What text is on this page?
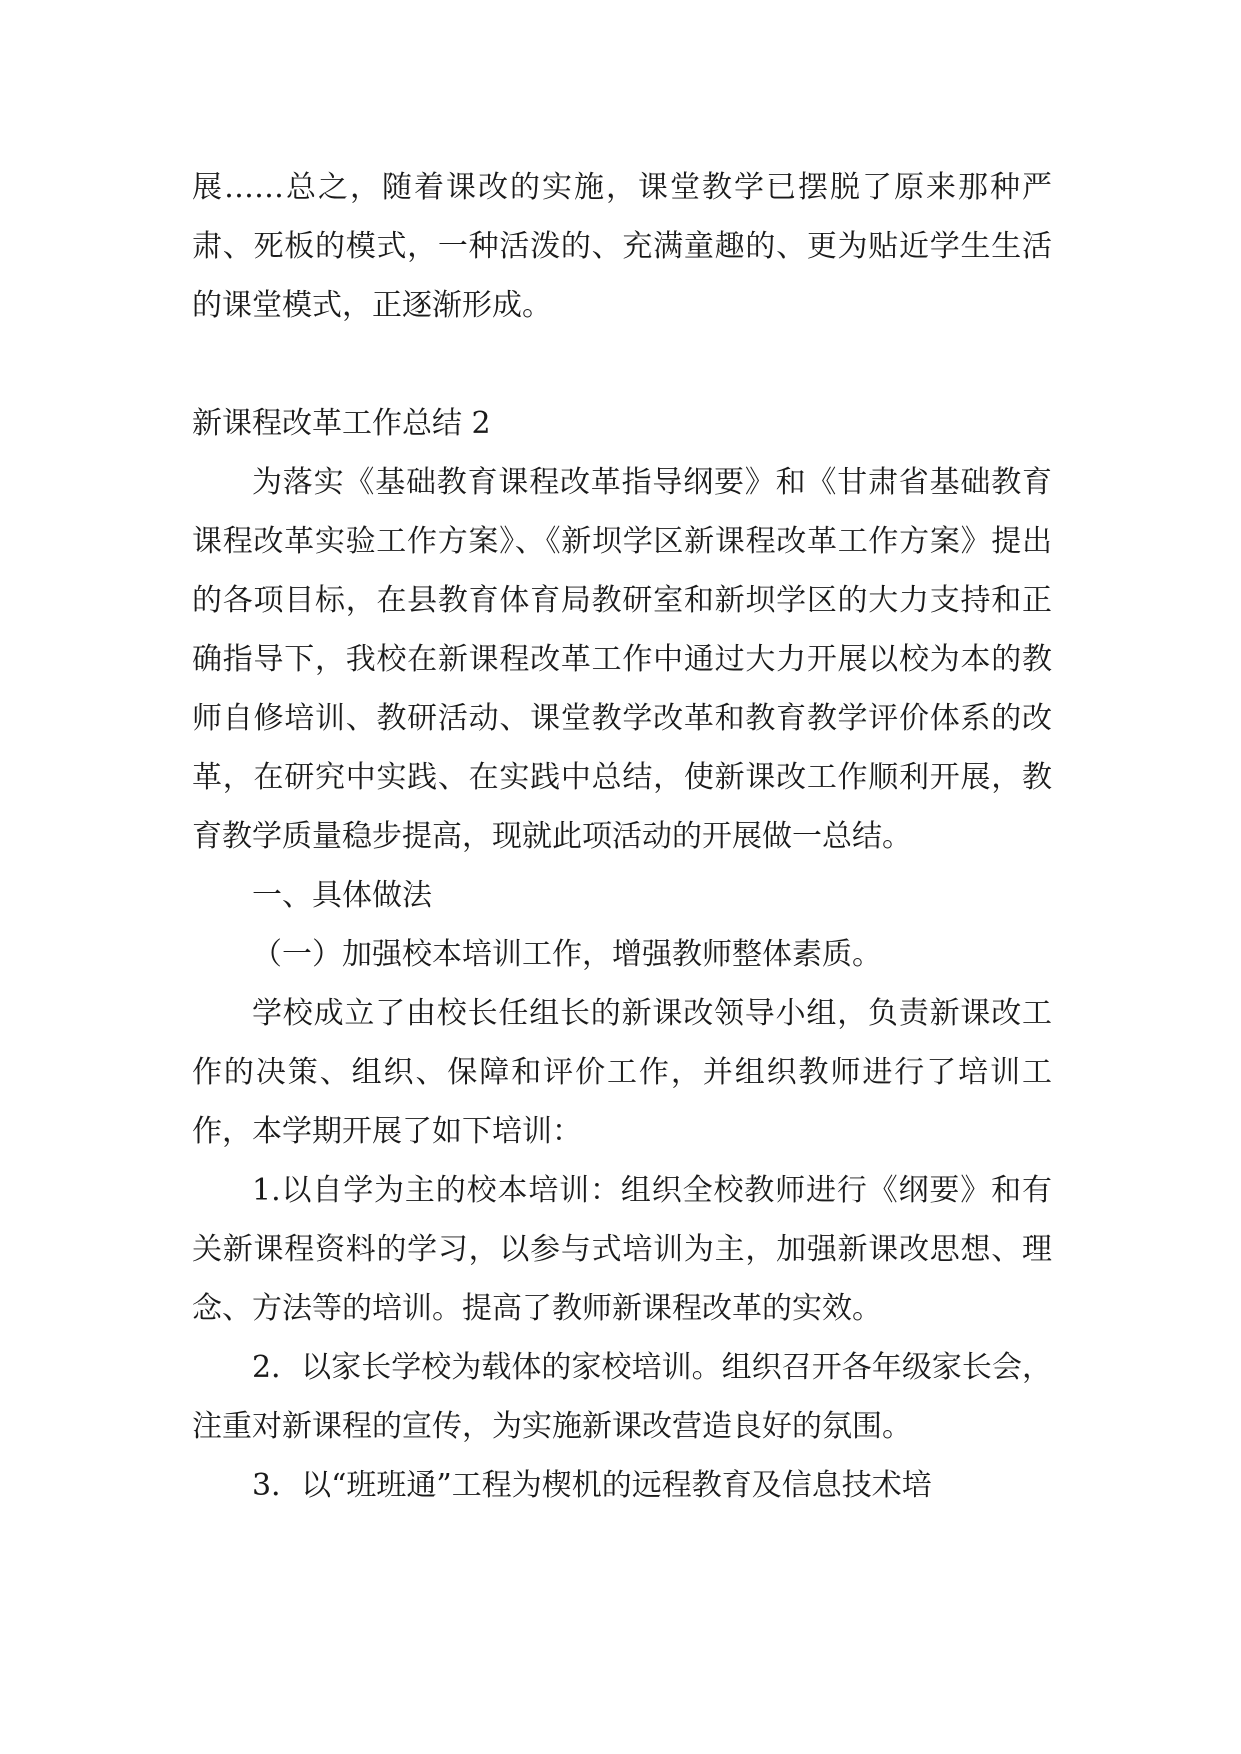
展……总之，随着课改的实施，课堂教学已摆脱了原来那种严肃、死板的模式，一种活泼的、充满童趣的、更为贴近学生生活的课堂模式，正逐渐形成。

新课程改革工作总结 2

为落实《基础教育课程改革指导纲要》和《甘肃省基础教育课程改革实验工作方案》、《新坝学区新课程改革工作方案》提出的各项目标，在县教育体育局教研室和新坝学区的大力支持和正确指导下，我校在新课程改革工作中通过大力开展以校为本的教师自修培训、教研活动、课堂教学改革和教育教学评价体系的改革，在研究中实践、在实践中总结，使新课改工作顺利开展，教育教学质量稳步提高，现就此项活动的开展做一总结。

一、具体做法

（一）加强校本培训工作，增强教师整体素质。

学校成立了由校长任组长的新课改领导小组，负责新课改工作的决策、组织、保障和评价工作，并组织教师进行了培训工作，本学期开展了如下培训：

1.以自学为主的校本培训：组织全校教师进行《纲要》和有关新课程资料的学习，以参与式培训为主，加强新课改思想、理念、方法等的培训。提高了教师新课程改革的实效。

2．以家长学校为载体的家校培训。组织召开各年级家长会，注重对新课程的宣传，为实施新课改营造良好的氛围。

3．以“班班通”工程为楔机的远程教育及信息技术培
